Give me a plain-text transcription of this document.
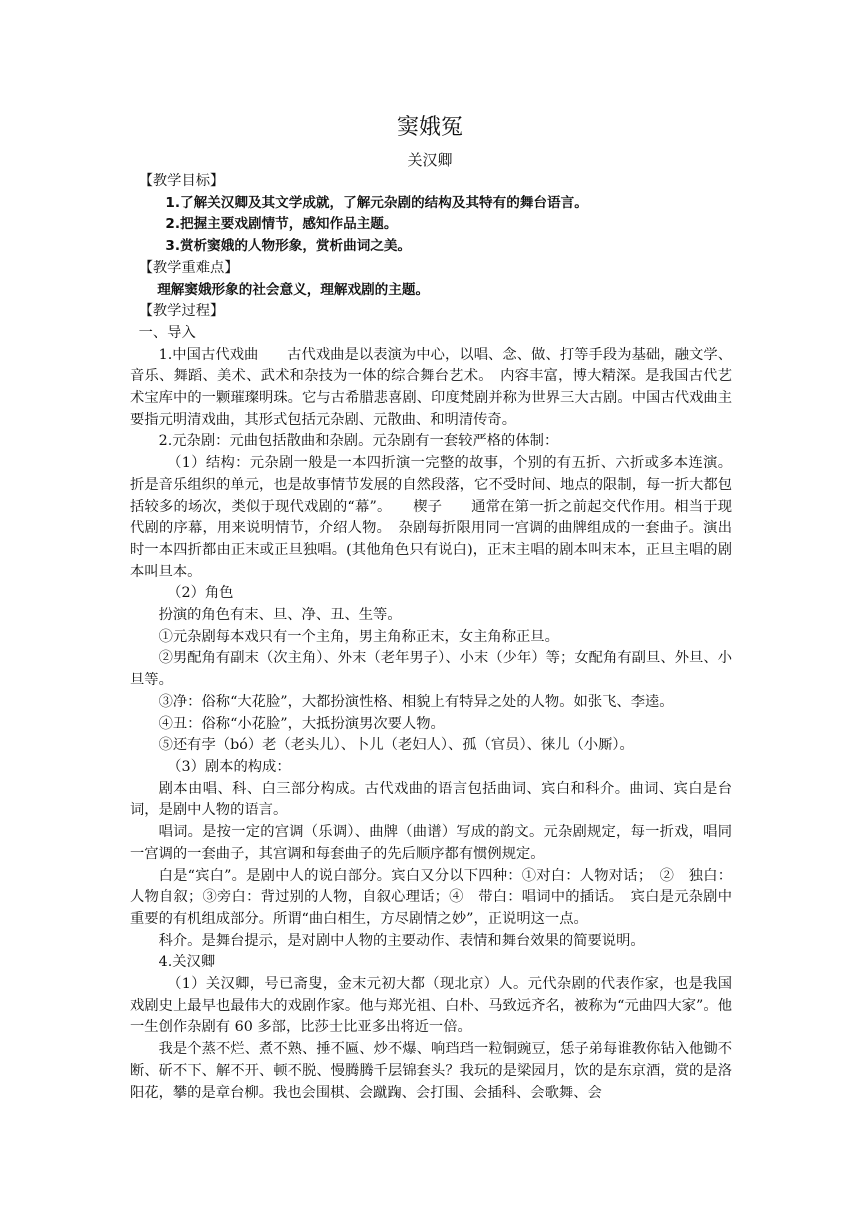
窦娥冤
关汉卿

【教学目标】

1.了解关汉卿及其文学成就，了解元杂剧的结构及其特有的舞台语言。

2.把握主要戏剧情节，感知作品主题。

3.赏析窦娥的人物形象，赏析曲词之美。

【教学重难点】

理解窦娥形象的社会意义，理解戏剧的主题。

【教学过程】

一、导入

1.中国古代戏曲　　古代戏曲是以表演为中心，以唱、念、做、打等手段为基础，融文学、音乐、舞蹈、美术、武术和杂技为一体的综合舞台艺术。　内容丰富，博大精深。是我国古代艺术宝库中的一颗璀璨明珠。它与古希腊悲喜剧、印度梵剧并称为世界三大古剧。中国古代戏曲主要指元明清戏曲，其形式包括元杂剧、元散曲、和明清传奇。

2.元杂剧：元曲包括散曲和杂剧。元杂剧有一套较严格的体制：

（1）结构：元杂剧一般是一本四折演一完整的故事，个别的有五折、六折或多本连演。折是音乐组织的单元，也是故事情节发展的自然段落，它不受时间、地点的限制，每一折大都包括较多的场次，类似于现代戏剧的“幕”。　　楔子　　通常在第一折之前起交代作用。相当于现代剧的序幕，用来说明情节，介绍人物。　杂剧每折限用同一宫调的曲牌组成的一套曲子。演出时一本四折都由正末或正旦独唱。(其他角色只有说白)，正末主唱的剧本叫末本，正旦主唱的剧本叫旦本。

（2）角色

扮演的角色有末、旦、净、丑、生等。

①元杂剧每本戏只有一个主角，男主角称正末，女主角称正旦。

②男配角有副末（次主角）、外末（老年男子）、小末（少年）等；女配角有副旦、外旦、小旦等。

③净：俗称“大花脸”，大都扮演性格、相貌上有特异之处的人物。如张飞、李逵。

④丑：俗称“小花脸”，大抵扮演男次要人物。

⑤还有孛（bó）老（老头儿）、卜儿（老妇人）、孤（官员）、徕儿（小厮）。

（3）剧本的构成：

剧本由唱、科、白三部分构成。古代戏曲的语言包括曲词、宾白和科介。曲词、宾白是台词，是剧中人物的语言。

唱词。是按一定的宫调（乐调）、曲牌（曲谱）写成的韵文。元杂剧规定，每一折戏，唱同一宫调的一套曲子，其宫调和每套曲子的先后顺序都有惯例规定。

白是“宾白”。是剧中人的说白部分。宾白又分以下四种：①对白：人物对话；　②　独白：人物自叙；③旁白：背过别的人物，自叙心理话；④　带白：唱词中的插话。　宾白是元杂剧中重要的有机组成部分。所谓“曲白相生，方尽剧情之妙”，正说明这一点。

科介。是舞台提示，是对剧中人物的主要动作、表情和舞台效果的简要说明。

4.关汉卿

（1）关汉卿，号已斋叟，金末元初大都（现北京）人。元代杂剧的代表作家，也是我国戏剧史上最早也最伟大的戏剧作家。他与郑光祖、白朴、马致远齐名，被称为“元曲四大家”。他一生创作杂剧有 60 多部，比莎士比亚多出将近一倍。

我是个蒸不烂、煮不熟、捶不匾、炒不爆、响珰珰一粒铜豌豆，恁子弟每谁教你钻入他锄不断、斫不下、解不开、顿不脱、慢腾腾千层锦套头？我玩的是梁园月，饮的是东京酒，赏的是洛阳花，攀的是章台柳。我也会围棋、会蹴踘、会打围、会插科、会歌舞、会
